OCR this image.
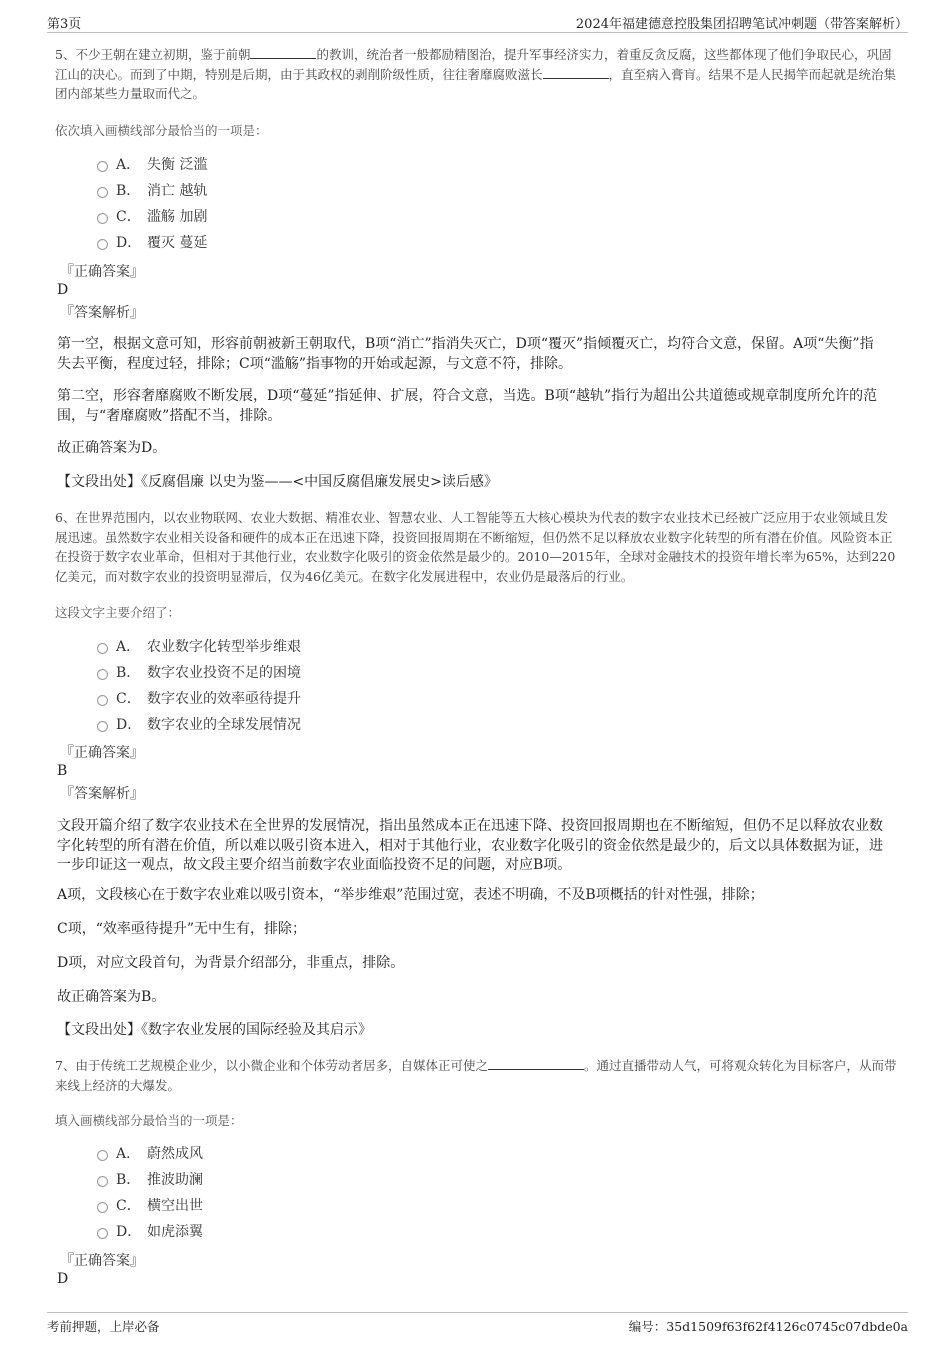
第3页	2024年福建德意控股集团招聘笔试冲刺题（带答案解析）

5、不少王朝在建立初期，鉴于前朝	的教训，统治者一般都励精图治，提升军事经济实力，着重反贪反腐，这些都体现了他们争取民心，巩固江山的决心。而到了中期，特别是后期，由于其政权的剥削阶级性质，往往奢靡腐败滋长	，直至病入膏肓。结果不是人民揭竿而起就是统治集团内部某些力量取而代之。

依次填入画横线部分最恰当的一项是：
A． 失衡 泛滥
B． 消亡 越轨
C． 滥觞 加剧
D． 覆灭 蔓延
『正确答案』
D
『答案解析』

第一空，根据文意可知，形容前朝被新王朝取代，B项“消亡”指消失灭亡，D项“覆灭”指倾覆灭亡，均符合文意，保留。A项“失衡”指失去平衡，程度过轻，排除；C项“滥觞”指事物的开始或起源，与文意不符，排除。

第二空，形容奢靡腐败不断发展，D项“蔓延”指延伸、扩展，符合文意，当选。B项“越轨”指行为超出公共道德或规章制度所允许的范围，与“奢靡腐败”搭配不当，排除。

故正确答案为D。

【文段出处】《反腐倡廉 以史为鉴——<中国反腐倡廉发展史>读后感》

6、在世界范围内，以农业物联网、农业大数据、精准农业、智慧农业、人工智能等五大核心模块为代表的数字农业技术已经被广泛应用于农业领域且发展迅速。虽然数字农业相关设备和硬件的成本正在迅速下降，投资回报周期在不断缩短，但仍然不足以释放农业数字化转型的所有潜在价值。风险资本正在投资于数字农业革命，但相对于其他行业，农业数字化吸引的资金依然是最少的。2010—2015年，全球对金融技术的投资年增长率为65%，达到220亿美元，而对数字农业的投资明显滞后，仅为46亿美元。在数字化发展进程中，农业仍是最落后的行业。

这段文字主要介绍了：
A． 农业数字化转型举步维艰
B． 数字农业投资不足的困境
C． 数字农业的效率亟待提升
D． 数字农业的全球发展情况
『正确答案』
B
『答案解析』

文段开篇介绍了数字农业技术在全世界的发展情况，指出虽然成本正在迅速下降、投资回报周期也在不断缩短，但仍不足以释放农业数字化转型的所有潜在价值，所以难以吸引资本进入，相对于其他行业，农业数字化吸引的资金依然是最少的，后文以具体数据为证，进一步印证这一观点，故文段主要介绍当前数字农业面临投资不足的问题，对应B项。

A项，文段核心在于数字农业难以吸引资本，“举步维艰”范围过宽，表述不明确，不及B项概括的针对性强，排除；

C项，“效率亟待提升”无中生有，排除；

D项，对应文段首句，为背景介绍部分，非重点，排除。

故正确答案为B。

【文段出处】《数字农业发展的国际经验及其启示》

7、由于传统工艺规模企业少，以小微企业和个体劳动者居多，自媒体正可使之	。通过直播带动人气，可将观众转化为目标客户，从而带来线上经济的大爆发。

填入画横线部分最恰当的一项是：
A． 蔚然成风
B． 推波助澜
C． 横空出世
D． 如虎添翼
『正确答案』
D
考前押题，上岸必备	编号：35d1509f63f62f4126c0745c07dbde0a
